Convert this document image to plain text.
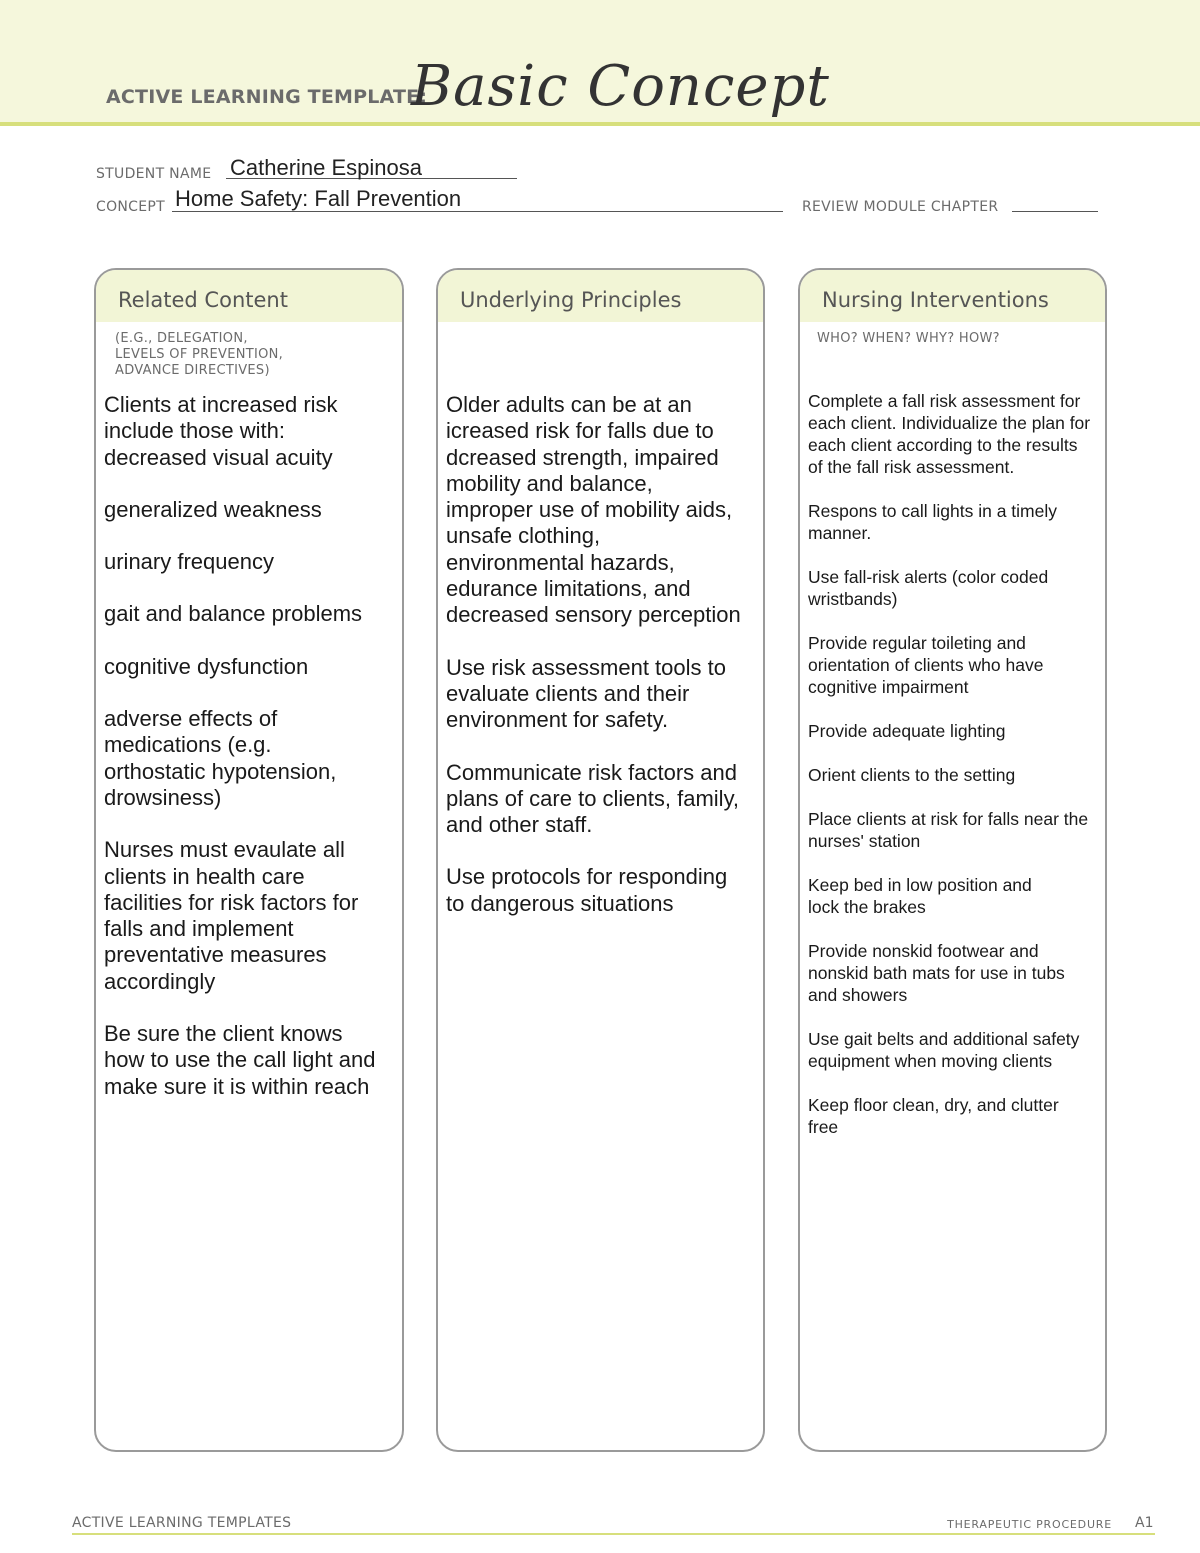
ACTIVE LEARNING TEMPLATE:
Basic Concept
STUDENT NAME Catherine Espinosa
CONCEPT Home Safety: Fall Prevention	REVIEW MODULE CHAPTER
Related Content
(E.G., DELEGATION,
LEVELS OF PREVENTION,
ADVANCE DIRECTIVES)

Clients at increased risk include those with:

decreased visual acuity

generalized weakness

urinary frequency

gait and balance problems

cognitive dysfunction

adverse effects of medications (e.g. orthostatic hypotension, drowsiness)

Nurses must evaulate all clients in health care facilities for risk factors for falls and implement preventative measures accordingly

Be sure the client knows how to use the call light and make sure it is within reach

Underlying Principles

Older adults can be at an icreased risk for falls due to dcreased strength, impaired mobility and balance, improper use of mobility aids, unsafe clothing, environmental hazards, edurance limitations, and decreased sensory perception

Use risk assessment tools to evaluate clients and their environment for safety.

Communicate risk factors and plans of care to clients, family, and other staff.

Use protocols for responding to dangerous situations

Nursing Interventions
WHO? WHEN? WHY? HOW?

Complete a fall risk assessment for each client. Individualize the plan for each client according to the results of the fall risk assessment.

Respons to call lights in a timely manner.

Use fall-risk alerts (color coded wristbands)

Provide regular toileting and orientation of clients who have cognitive impairment

Provide adequate lighting

Orient clients to the setting

Place clients at risk for falls near the nurses' station

Keep bed in low position and lock the brakes

Provide nonskid footwear and nonskid bath mats for use in tubs and showers

Use gait belts and additional safety equipment when moving clients

Keep floor clean, dry, and clutter free

ACTIVE LEARNING TEMPLATES	THERAPEUTIC PROCEDURE A1
